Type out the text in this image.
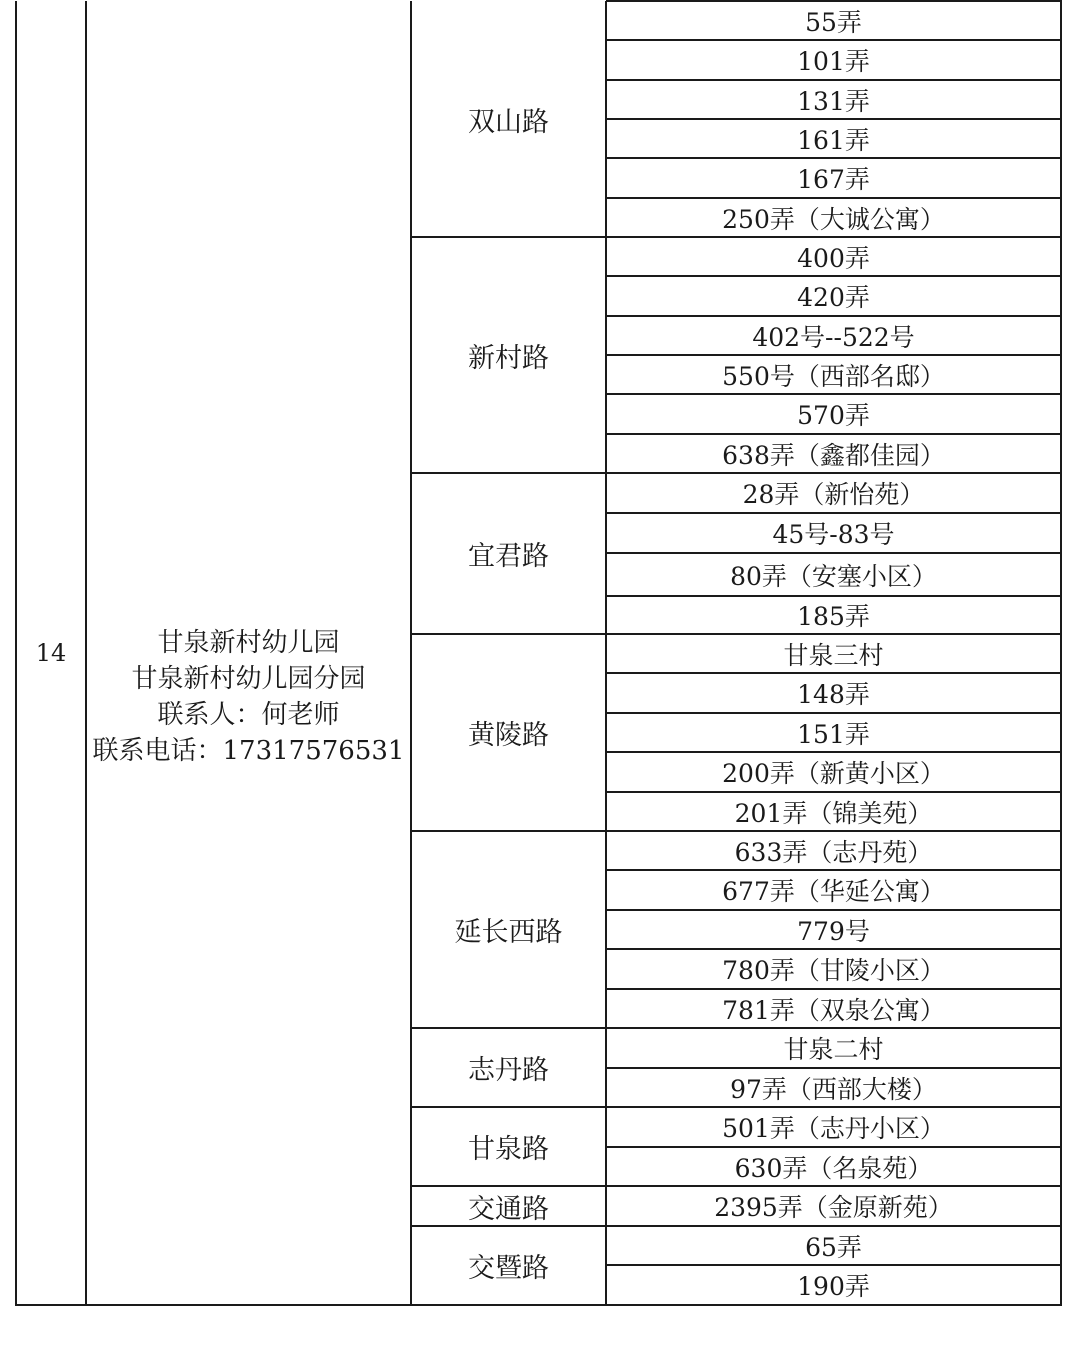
14	甘泉新村幼儿园
甘泉新村幼儿园分园
联系人：何老师
联系电话：17317576531
双山路
55弄
101弄
131弄
161弄
167弄
250弄（大诚公寓）
新村路
400弄
420弄
402号--522号
550号（西部名邸）
570弄
638弄（鑫都佳园）
宜君路
28弄（新怡苑）
45号-83号
80弄（安塞小区）
185弄
黄陵路
甘泉三村
148弄
151弄
200弄（新黄小区）
201弄（锦美苑）
延长西路
633弄（志丹苑）
677弄（华延公寓）
779号
780弄（甘陵小区）
781弄（双泉公寓）
志丹路
甘泉二村
97弄（西部大楼）
甘泉路
501弄（志丹小区）
630弄（名泉苑）
交通路	2395弄（金原新苑）
交暨路
65弄
190弄
